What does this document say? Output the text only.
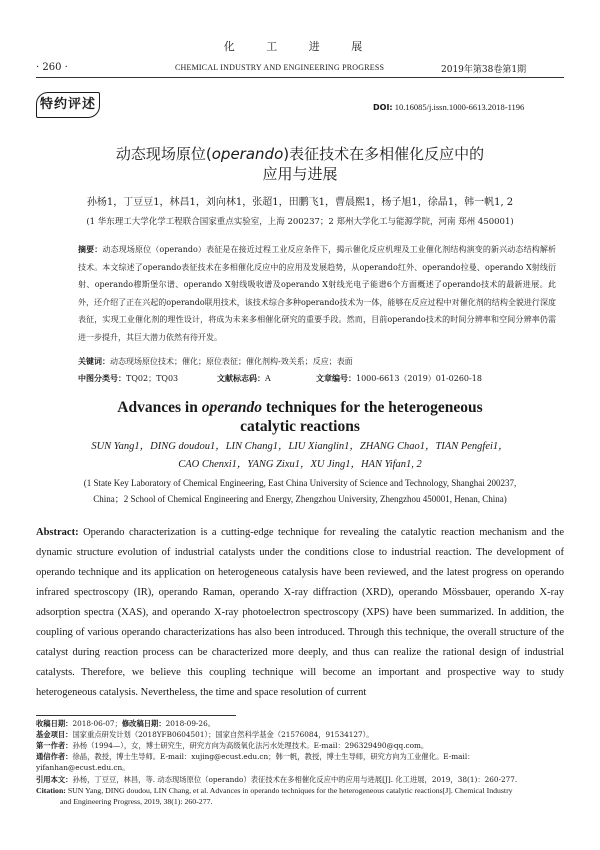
化 工 进 展
· 260 ·	CHEMICAL INDUSTRY AND ENGINEERING PROGRESS	2019年第38卷第1期
特约评述	DOI: 10.16085/j.issn.1000-6613.2018-1196
动态现场原位(operando)表征技术在多相催化反应中的
应用与进展
孙杨1，丁豆豆1，林昌1，刘向林1，张超1，田鹏飞1，曹晨熙1，杨子旭1，徐晶1，韩一帆1, 2
(1 华东理工大学化学工程联合国家重点实验室，上海 200237；2 郑州大学化工与能源学院，河南 郑州 450001)
摘要：动态现场原位（operando）表征是在接近过程工业反应条件下，揭示催化反应机理及工业催化剂结构演变的新兴动态结构解析技术。本文综述了operando表征技术在多相催化反应中的应用及发展趋势，从operando红外、operando拉曼、operando X射线衍射、operando穆斯堡尔谱、operando X射线吸收谱及operando X射线光电子能谱6个方面概述了operando技术的最新进展。此外，还介绍了正在兴起的operando联用技术，该技术综合多种operando技术为一体，能够在反应过程中对催化剂的结构全貌进行深度表征，实现工业催化剂的理性设计，将成为未来多相催化研究的重要手段。然而，目前operando技术的时间分辨率和空间分辨率仍需进一步提升，其巨大潜力依然有待开发。
关键词：动态现场原位技术；催化；原位表征；催化剂构-效关系；反应；表面
中图分类号：TQ02；TQ03	文献标志码：A	文章编号：1000-6613（2019）01-0260-18
Advances in operando techniques for the heterogeneous
catalytic reactions
SUN Yang1，DING doudou1，LIN Chang1，LIU Xianglin1，ZHANG Chao1，TIAN Pengfei1，
CAO Chenxi1，YANG Zixu1，XU Jing1，HAN Yifan1, 2
(1 State Key Laboratory of Chemical Engineering, East China University of Science and Technology, Shanghai 200237,
China；2 School of Chemical Engineering and Energy, Zhengzhou University, Zhengzhou 450001, Henan, China)
Abstract: Operando characterization is a cutting-edge technique for revealing the catalytic reaction mechanism and the dynamic structure evolution of industrial catalysts under the conditions close to industrial reaction. The development of operando technique and its application on heterogeneous catalysis have been reviewed, and the latest progress on operando infrared spectroscopy (IR), operando Raman, operando X-ray diffraction (XRD), operando Mössbauer, operando X-ray adsorption spectra (XAS), and operando X-ray photoelectron spectroscopy (XPS) have been summarized. In addition, the coupling of various operando characterizations has also been introduced. Through this technique, the overall structure of the catalyst during reaction process can be characterized more deeply, and thus can realize the rational design of industrial catalysts. Therefore, we believe this coupling technique will become an important and prospective way to study heterogeneous catalysis. Nevertheless, the time and space resolution of current
收稿日期：2018-06-07；修改稿日期：2018-09-26。
基金项目：国家重点研发计划（2018YFB0604501）；国家自然科学基金（21576084，91534127）。
第一作者：孙杨（1994—），女，博士研究生，研究方向为高级氧化法污水处理技术。E-mail：296329490@qq.com。
通信作者：徐晶，教授，博士生导师。E-mail：xujing@ecust.edu.cn；韩一帆，教授，博士生导师，研究方向为工业催化。E-mail：
yifanhan@ecust.edu.cn。
引用本文：孙杨，丁豆豆，林昌，等. 动态现场原位（operando）表征技术在多相催化反应中的应用与进展[J]. 化工进展，2019，38(1)：260-277.
Citation: SUN Yang, DING doudou, LIN Chang, et al. Advances in operando techniques for the heterogeneous catalytic reactions[J]. Chemical Industry
and Engineering Progress, 2019, 38(1): 260-277.
